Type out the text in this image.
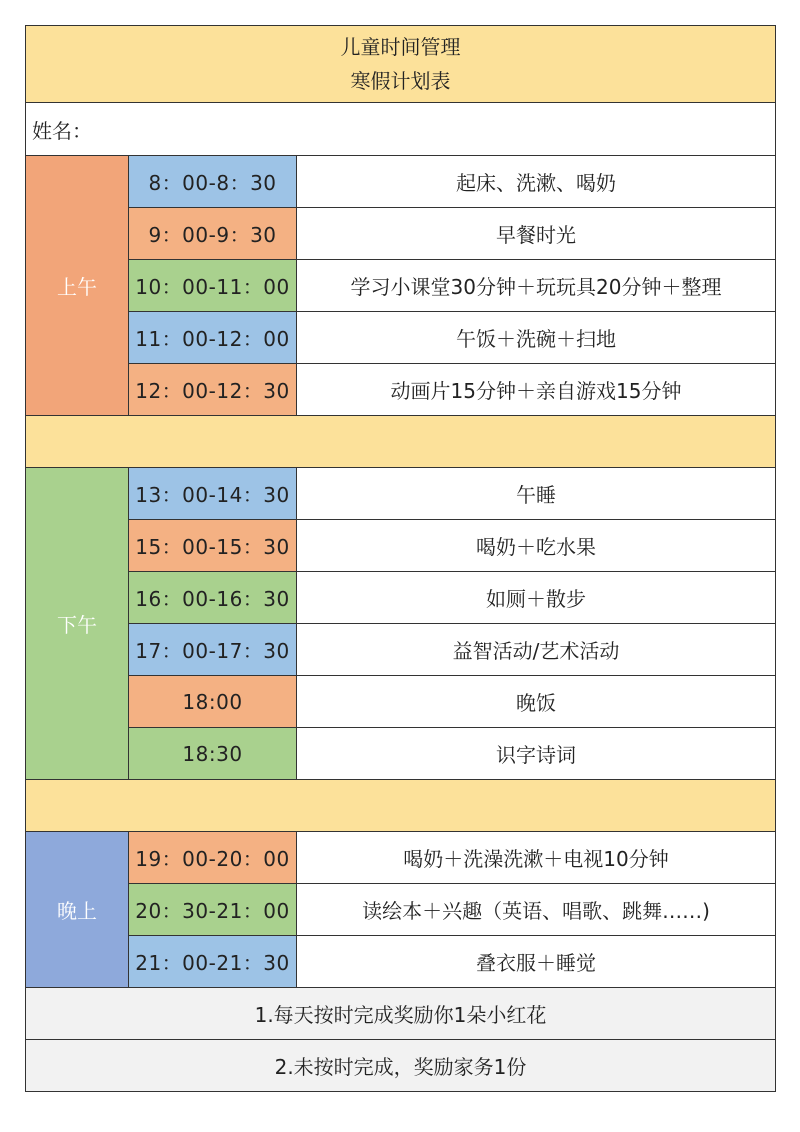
儿童时间管理
寒假计划表		

姓名：		
上午	8：00-8：30	起床、洗漱、喝奶
	9：00-9：30	早餐时光
	10：00-11：00	学习小课堂30分钟＋玩玩具20分钟＋整理
	11：00-12：00	午饭＋洗碗＋扫地
	12：00-12：30	动画片15分钟＋亲自游戏15分钟

下午	13：00-14：30	午睡
	15：00-15：30	喝奶＋吃水果
	16：00-16：30	如厕＋散步
	17：00-17：30	益智活动/艺术活动
	18:00	晚饭
	18:30	识字诗词

晚上	19：00-20：00	喝奶＋洗澡洗漱＋电视10分钟
	20：30-21：00	读绘本＋兴趣（英语、唱歌、跳舞……)
	21：00-21：30	叠衣服＋睡觉
1.每天按时完成奖励你1朵小红花		
2.未按时完成，奖励家务1份		
